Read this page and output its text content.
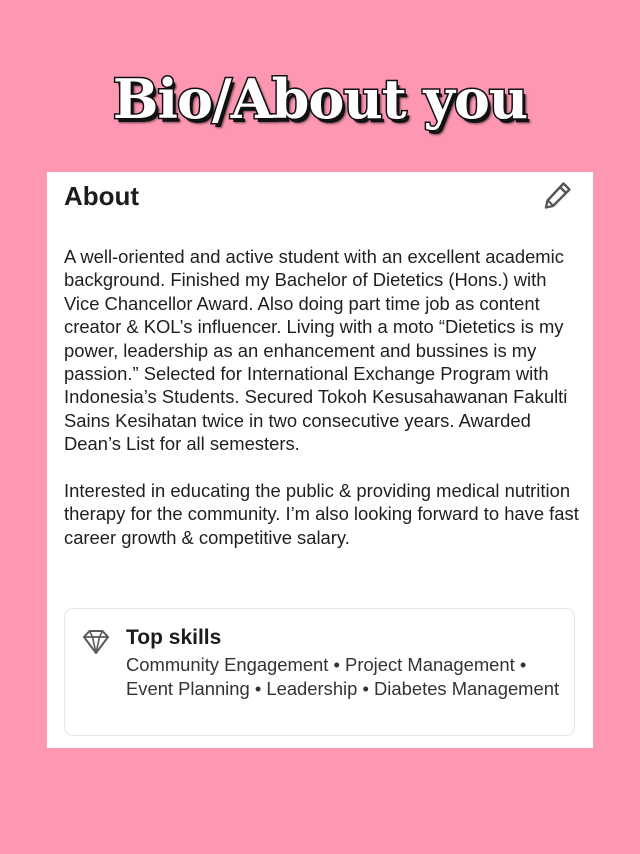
Bio/About you
About

A well-oriented and active student with an excellent academic background. Finished my Bachelor of Dietetics (Hons.) with Vice Chancellor Award. Also doing part time job as content creator & KOL’s influencer. Living with a moto “Dietetics is my power, leadership as an enhancement and bussines is my passion.” Selected for International Exchange Program with Indonesia’s Students. Secured Tokoh Kesusahawanan Fakulti Sains Kesihatan twice in two consecutive years. Awarded Dean’s List for all semesters.

Interested in educating the public & providing medical nutrition therapy for the community. I’m also looking forward to have fast career growth & competitive salary.

Top skills
Community Engagement • Project Management • Event Planning • Leadership • Diabetes Management
